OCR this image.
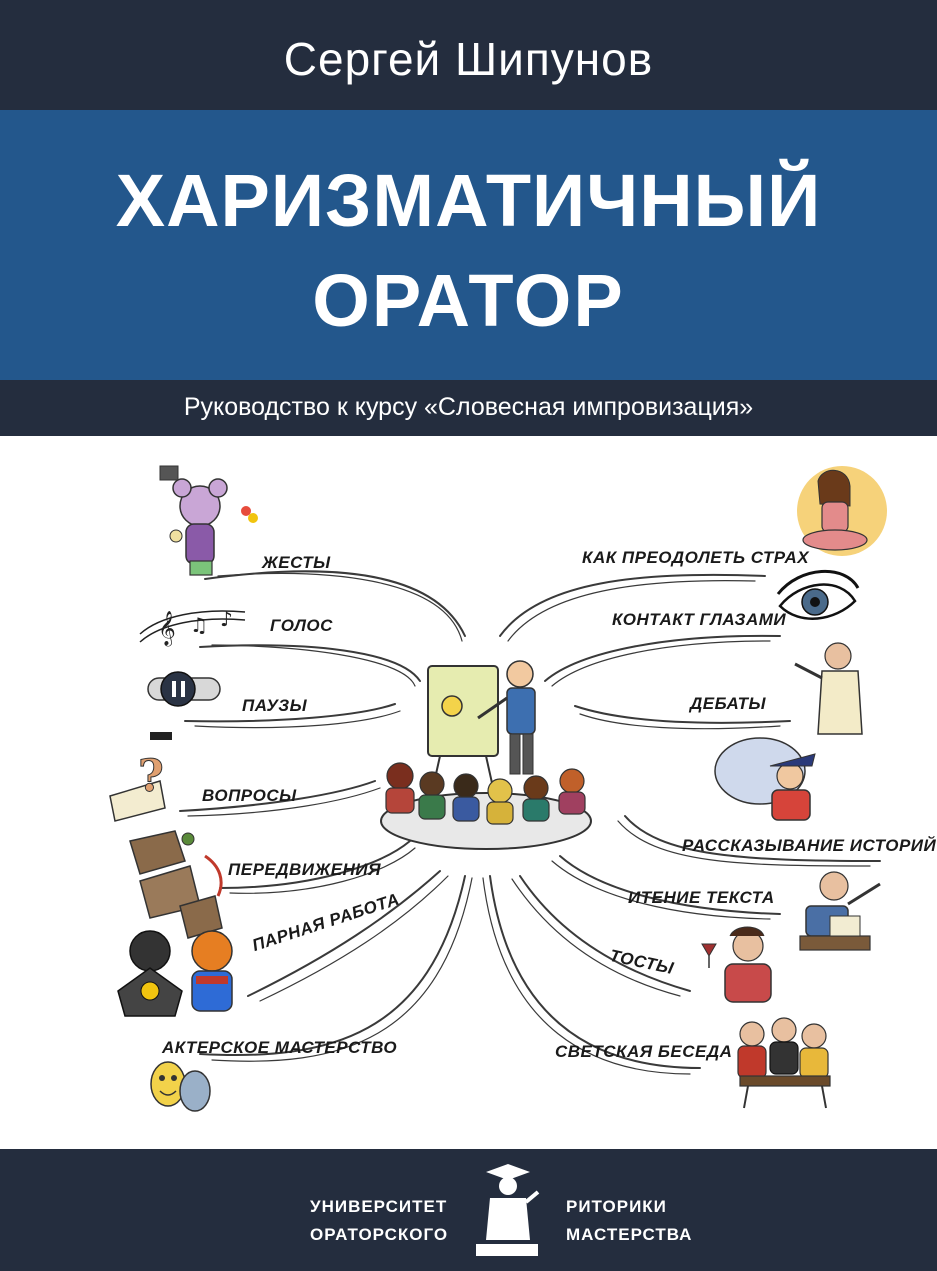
Сергей Шипунов
ХАРИЗМАТИЧНЫЙ
ОРАТОР
Руководство к курсу «Словесная импровизация»
𝄞 ♫ ♪
?
ЖЕСТЫ
ГОЛОС
ПАУЗЫ
ВОПРОСЫ
ПЕРЕДВИЖЕНИЯ
ПАРНАЯ РАБОТА
АКТЕРСКОЕ МАСТЕРСТВО
КАК ПРЕОДОЛЕТЬ СТРАХ
КОНТАКТ ГЛАЗАМИ
ДЕБАТЫ
РАССКАЗЫВАНИЕ ИСТОРИЙ
ИТЕНИЕ ТЕКСТА
ТОСТЫ
СВЕТСКАЯ БЕСЕДА
УНИВЕРСИТЕТ
ОРАТОРСКОГО
РИТОРИКИ
МАСТЕРСТВА
